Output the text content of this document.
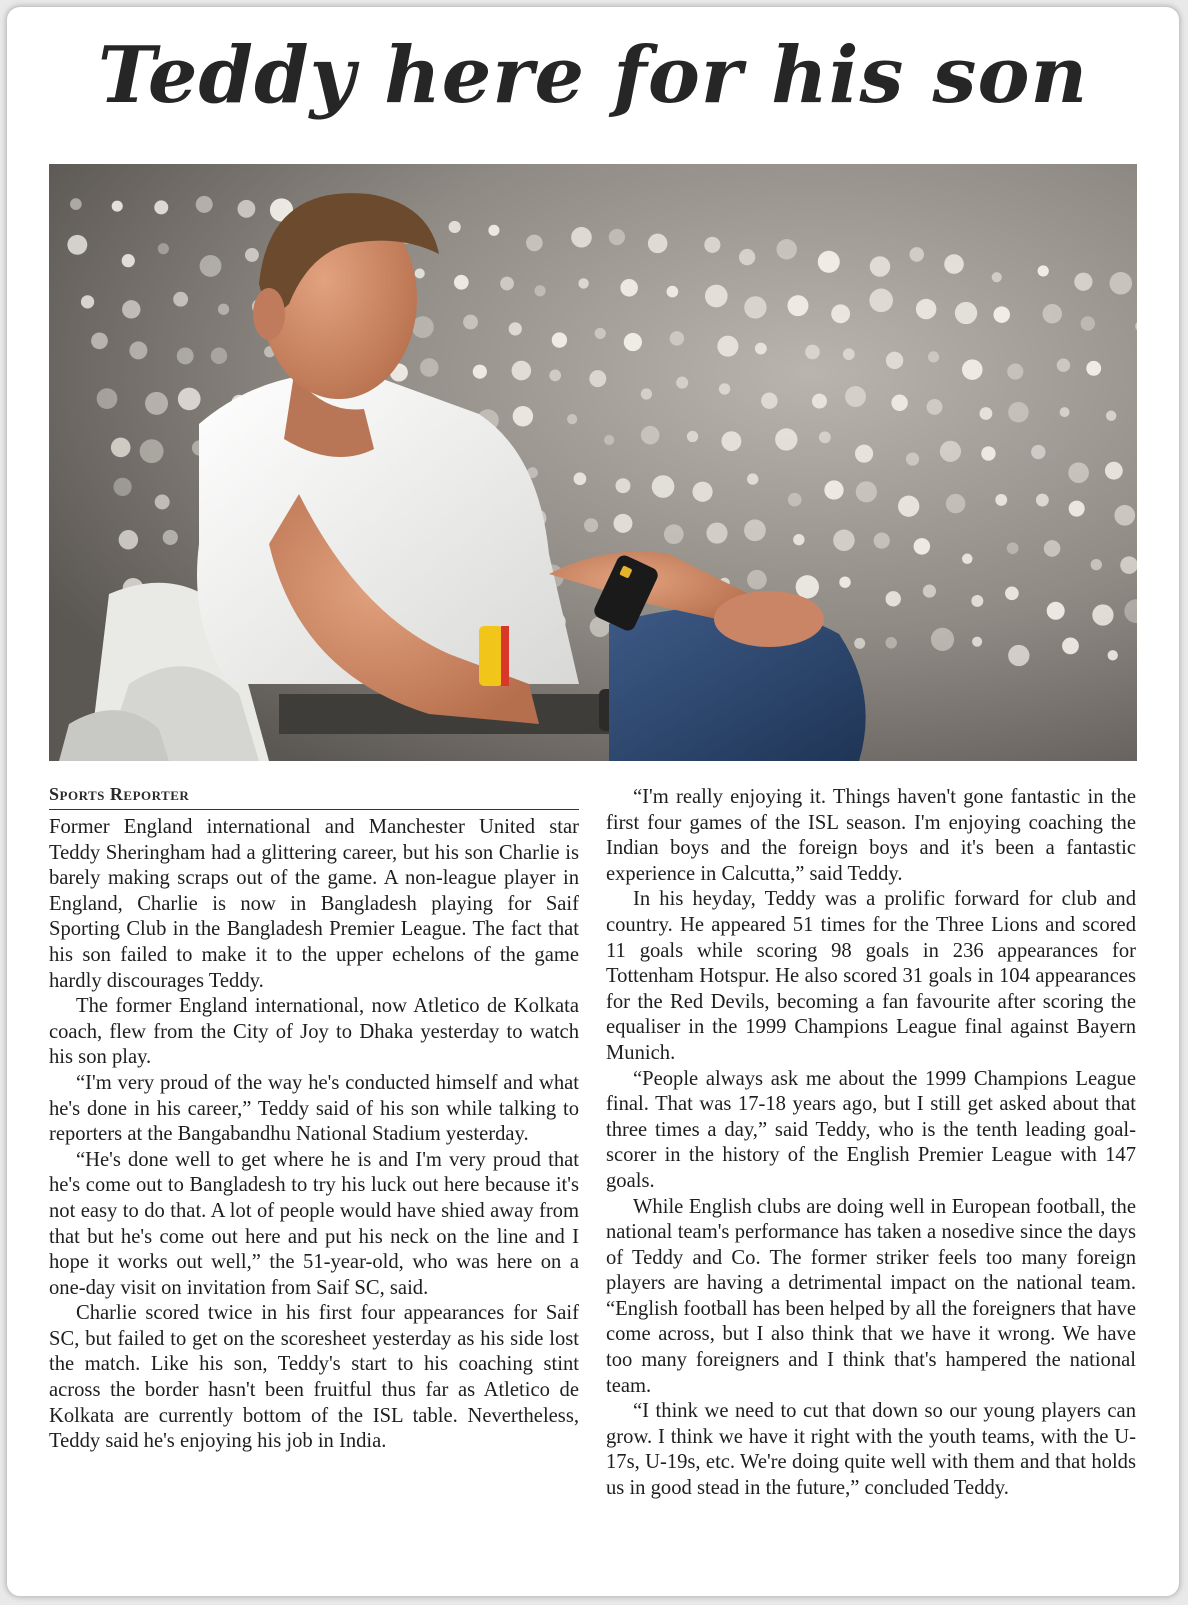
Teddy here for his son
Sports Reporter

Former England international and Manchester United star Teddy Sheringham had a glittering career, but his son Charlie is barely making scraps out of the game. A non-league player in England, Charlie is now in Bangladesh playing for Saif Sporting Club in the Bangladesh Premier League. The fact that his son failed to make it to the upper echelons of the game hardly discourages Teddy.

The former England international, now Atletico de Kolkata coach, flew from the City of Joy to Dhaka yesterday to watch his son play.

“I'm very proud of the way he's conducted himself and what he's done in his career,” Teddy said of his son while talking to reporters at the Bangabandhu National Stadium yesterday.

“He's done well to get where he is and I'm very proud that he's come out to Bangladesh to try his luck out here because it's not easy to do that. A lot of people would have shied away from that but he's come out here and put his neck on the line and I hope it works out well,” the 51-year-old, who was here on a one-day visit on invitation from Saif SC, said.

Charlie scored twice in his first four appearances for Saif SC, but failed to get on the scoresheet yesterday as his side lost the match. Like his son, Teddy's start to his coaching stint across the border hasn't been fruitful thus far as Atletico de Kolkata are currently bottom of the ISL table. Nevertheless, Teddy said he's enjoying his job in India.

“I'm really enjoying it. Things haven't gone fantastic in the first four games of the ISL season. I'm enjoying coaching the Indian boys and the foreign boys and it's been a fantastic experience in Calcutta,” said Teddy.

In his heyday, Teddy was a prolific forward for club and country. He appeared 51 times for the Three Lions and scored 11 goals while scoring 98 goals in 236 appearances for Tottenham Hotspur. He also scored 31 goals in 104 appearances for the Red Devils, becoming a fan favourite after scoring the equaliser in the 1999 Champions League final against Bayern Munich.

“People always ask me about the 1999 Champions League final. That was 17-18 years ago, but I still get asked about that three times a day,” said Teddy, who is the tenth leading goal-scorer in the history of the English Premier League with 147 goals.

While English clubs are doing well in European football, the national team's performance has taken a nosedive since the days of Teddy and Co. The former striker feels too many foreign players are having a detrimental impact on the national team. “English football has been helped by all the foreigners that have come across, but I also think that we have it wrong. We have too many foreigners and I think that's hampered the national team.

“I think we need to cut that down so our young players can grow. I think we have it right with the youth teams, with the U-17s, U-19s, etc. We're doing quite well with them and that holds us in good stead in the future,” concluded Teddy.
